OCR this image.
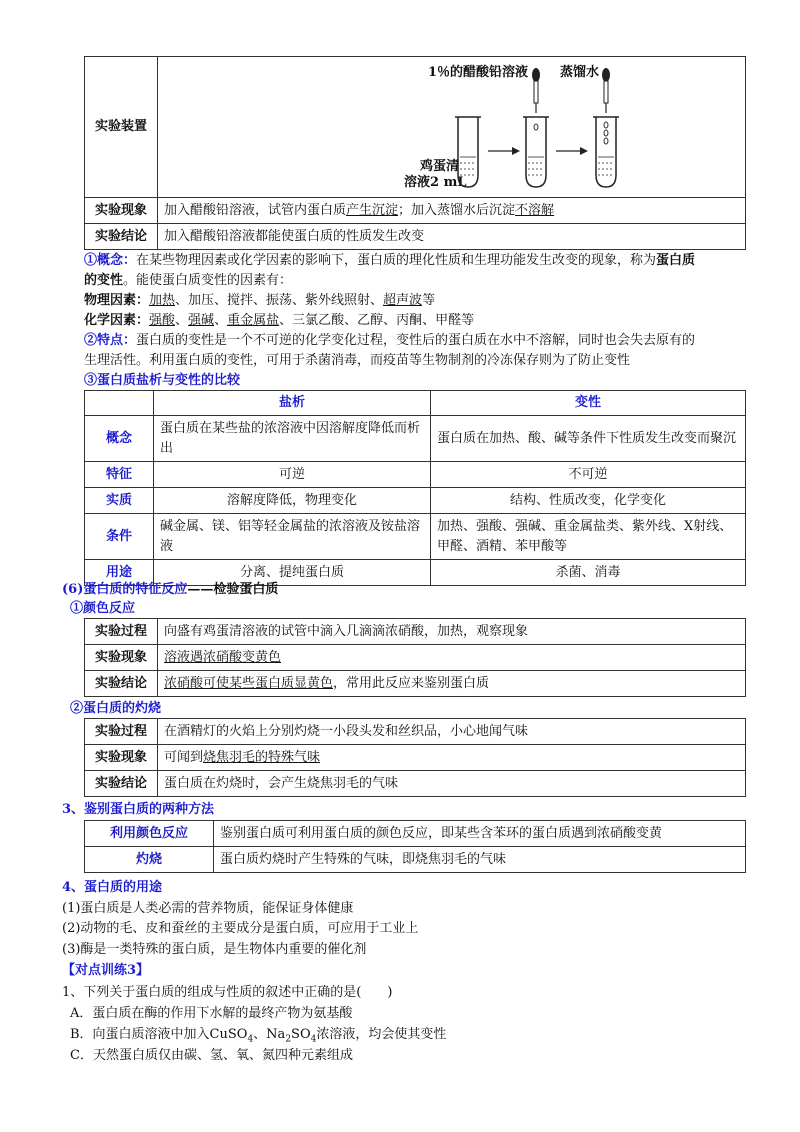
实验装置	1％的醋酸铅溶液 蒸馏水
鸡蛋清
溶液2 mL

实验现象	加入醋酸铅溶液，试管内蛋白质产生沉淀；加入蒸馏水后沉淀不溶解
实验结论	加入醋酸铅溶液都能使蛋白质的性质发生改变
①概念：在某些物理因素或化学因素的影响下，蛋白质的理化性质和生理功能发生改变的现象，称为蛋白质
的变性。能使蛋白质变性的因素有：
物理因素：加热、加压、搅拌、振荡、紫外线照射、超声波等
化学因素：强酸、强碱、重金属盐、三氯乙酸、乙醇、丙酮、甲醛等
②特点：蛋白质的变性是一个不可逆的化学变化过程，变性后的蛋白质在水中不溶解，同时也会失去原有的
生理活性。利用蛋白质的变性，可用于杀菌消毒，而疫苗等生物制剂的冷冻保存则为了防止变性
③蛋白质盐析与变性的比较
	盐析	变性
概念	蛋白质在某些盐的浓溶液中因溶解度降低而析出	蛋白质在加热、酸、碱等条件下性质发生改变而聚沉
特征	可逆	不可逆
实质	溶解度降低，物理变化	结构、性质改变，化学变化
条件	碱金属、镁、铝等轻金属盐的浓溶液及铵盐溶液	加热、强酸、强碱、重金属盐类、紫外线、X射线、甲醛、酒精、苯甲酸等
用途	分离、提纯蛋白质	杀菌、消毒
(6)蛋白质的特征反应——检验蛋白质
①颜色反应
实验过程	向盛有鸡蛋清溶液的试管中滴入几滴滴浓硝酸，加热，观察现象
实验现象	溶液遇浓硝酸变黄色
实验结论	浓硝酸可使某些蛋白质显黄色，常用此反应来鉴别蛋白质
②蛋白质的灼烧
实验过程	在酒精灯的火焰上分别灼烧一小段头发和丝织品，小心地闻气味
实验现象	可闻到烧焦羽毛的特殊气味
实验结论	蛋白质在灼烧时，会产生烧焦羽毛的气味
3、鉴别蛋白质的两种方法
利用颜色反应	鉴别蛋白质可利用蛋白质的颜色反应，即某些含苯环的蛋白质遇到浓硝酸变黄
灼烧	蛋白质灼烧时产生特殊的气味，即烧焦羽毛的气味
4、蛋白质的用途
(1)蛋白质是人类必需的营养物质，能保证身体健康
(2)动物的毛、皮和蚕丝的主要成分是蛋白质，可应用于工业上
(3)酶是一类特殊的蛋白质，是生物体内重要的催化剂
【对点训练3】
1、下列关于蛋白质的组成与性质的叙述中正确的是(　　)
A．蛋白质在酶的作用下水解的最终产物为氨基酸
B．向蛋白质溶液中加入CuSO$_4$、$Na_2SO_4$浓溶液，均会使其变性
C．天然蛋白质仅由碳、氢、氧、氮四种元素组成
